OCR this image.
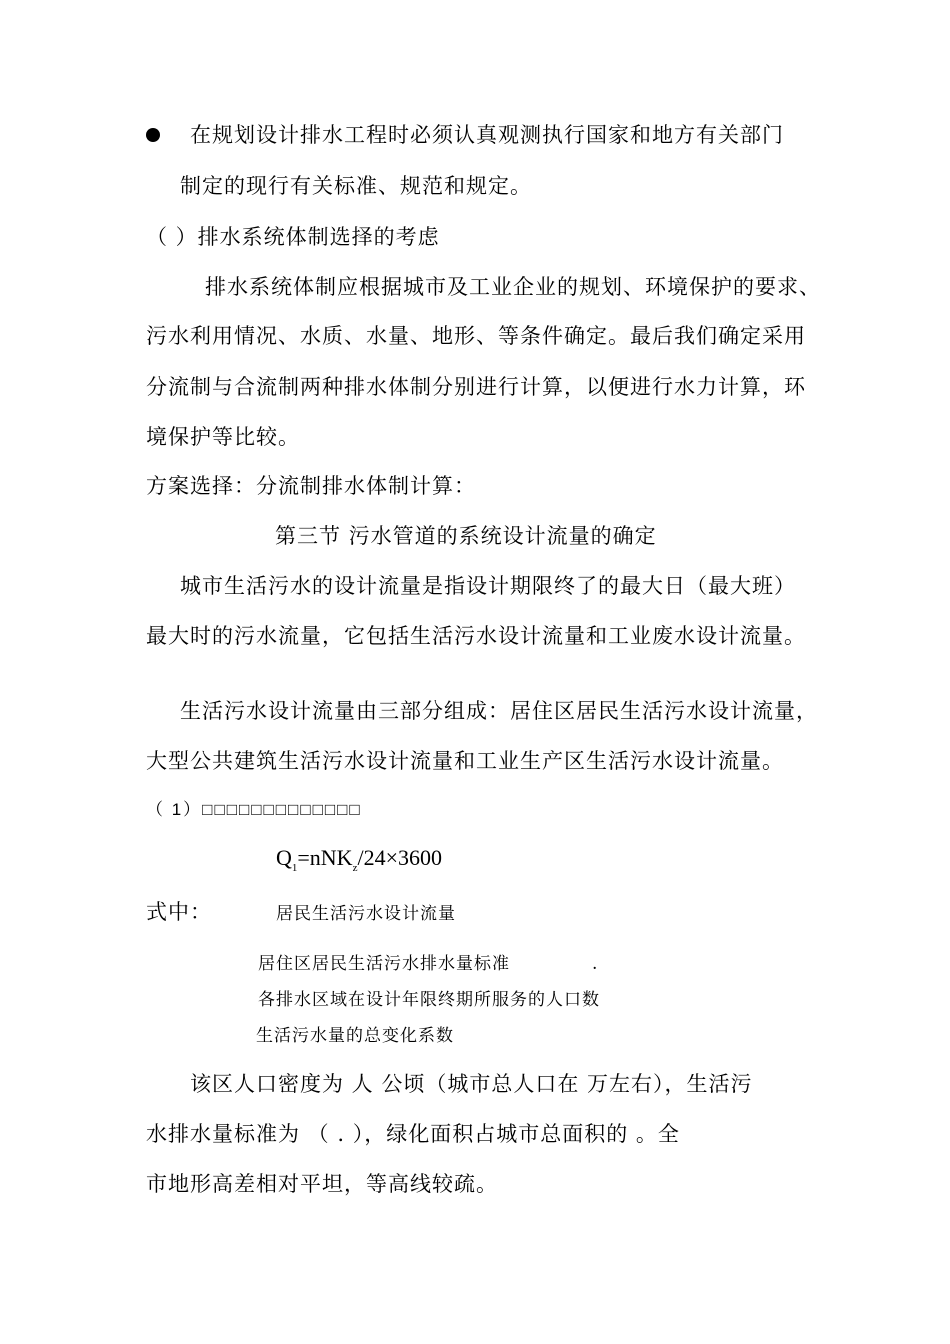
在规划设计排水工程时必须认真观测执行国家和地方有关部门
制定的现行有关标准、规范和规定。
（ ）排水系统体制选择的考虑
排水系统体制应根据城市及工业企业的规划、环境保护的要求、
污水利用情况、水质、水量、地形、等条件确定。最后我们确定采用
分流制与合流制两种排水体制分别进行计算，以便进行水力计算，环
境保护等比较。
方案选择：分流制排水体制计算：
第三节 污水管道的系统设计流量的确定
城市生活污水的设计流量是指设计期限终了的最大日（最大班）
最大时的污水流量，它包括生活污水设计流量和工业废水设计流量。
生活污水设计流量由三部分组成：居住区居民生活污水设计流量，
大型公共建筑生活污水设计流量和工业生产区生活污水设计流量。
（ 1）□□□□□□□□□□□□□
$Q_1=nNK_z/24\times 3600$
式中：	居民生活污水设计流量
居住区居民生活污水排水量标准	.
各排水区域在设计年限终期所服务的人口数
生活污水量的总变化系数
该区人口密度为 人 公顷（城市总人口在 万左右），生活污
水排水量标准为 （ . ），绿化面积占城市总面积的 。全
市地形高差相对平坦，等高线较疏。
